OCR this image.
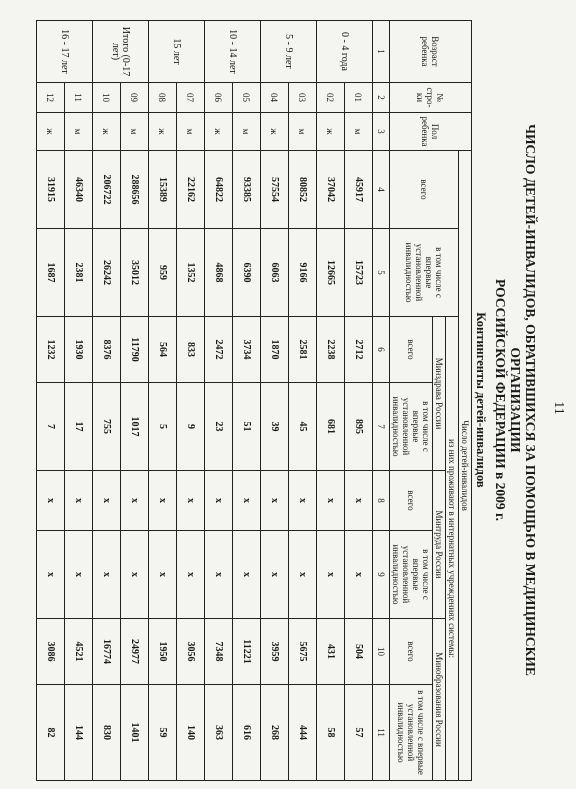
11
ЧИСЛО ДЕТЕЙ-ИНВАЛИДОВ, ОБРАТИВШИХСЯ ЗА ПОМОЩЬЮ В МЕДИЦИНСКИЕ
ОРГАНИЗАЦИИ
РОССИЙСКОЙ ФЕДЕРАЦИИ в 2009 г.
Контингенты детей-инвалидов
Возраст ребенка	№ стро-ки	Пол ребенка	Число детей-инвалидов							
			всего	в том числе с впервые установленной инвалидностью	из них проживают в интернатных учреждениях системы:					
					Минздрава России		Минтруда России		Минобразования России	
					всего	в том числе с впервые установленной инвалидностью	всего	в том числе с впервые установленной инвалидностью	всего	в том числе с впервые установленной инвалидностью
1	2	3	4	5	6	7	8	9	10	11
0 - 4 года	01	м	45917	15723	2712	895	x	x	504	57
	02	ж	37042	12665	2238	681	x	x	431	58
5 - 9 лет	03	м	80852	9166	2581	45	x	x	5675	444
	04	ж	57554	6063	1870	39	x	x	3959	268
10 - 14 лет	05	м	93385	6390	3734	51	x	x	11221	616
	06	ж	64822	4868	2472	23	x	x	7348	363
15 лет	07	м	22162	1352	833	9	x	x	3056	140
	08	ж	15389	959	564	5	x	x	1950	59
Итого (0-17 лет)	09	м	288656	35012	11790	1017	x	x	24977	1401
	10	ж	206722	26242	8376	755	x	x	16774	830
16 - 17 лет	11	м	46340	2381	1930	17	x	x	4521	144
	12	ж	31915	1687	1232	7	x	x	3086	82
